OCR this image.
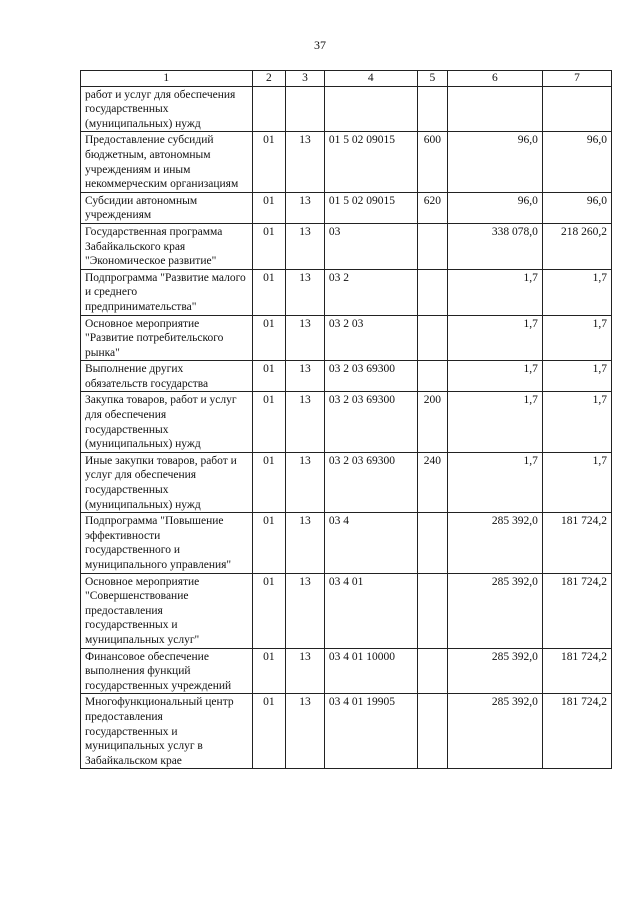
37
1	2	3	4	5	6	7
работ и услуг для обеспечения государственных (муниципальных) нужд						
Предоставление субсидий бюджетным, автономным учреждениям и иным некоммерческим организациям	01	13	01 5 02 09015	600	96,0	96,0
Субсидии автономным учреждениям	01	13	01 5 02 09015	620	96,0	96,0
Государственная программа Забайкальского края "Экономическое развитие"	01	13	03		338 078,0	218 260,2
Подпрограмма "Развитие малого и среднего предпринимательства"	01	13	03 2		1,7	1,7
Основное мероприятие "Развитие потребительского рынка"	01	13	03 2 03		1,7	1,7
Выполнение других обязательств государства	01	13	03 2 03 69300		1,7	1,7
Закупка товаров, работ и услуг для обеспечения государственных (муниципальных) нужд	01	13	03 2 03 69300	200	1,7	1,7
Иные закупки товаров, работ и услуг для обеспечения государственных (муниципальных) нужд	01	13	03 2 03 69300	240	1,7	1,7
Подпрограмма "Повышение эффективности государственного и муниципального управления"	01	13	03 4		285 392,0	181 724,2
Основное мероприятие "Совершенствование предоставления государственных и муниципальных услуг"	01	13	03 4 01		285 392,0	181 724,2
Финансовое обеспечение выполнения функций государственных учреждений	01	13	03 4 01 10000		285 392,0	181 724,2
Многофункциональный центр предоставления государственных и муниципальных услуг в Забайкальском крае	01	13	03 4 01 19905		285 392,0	181 724,2
